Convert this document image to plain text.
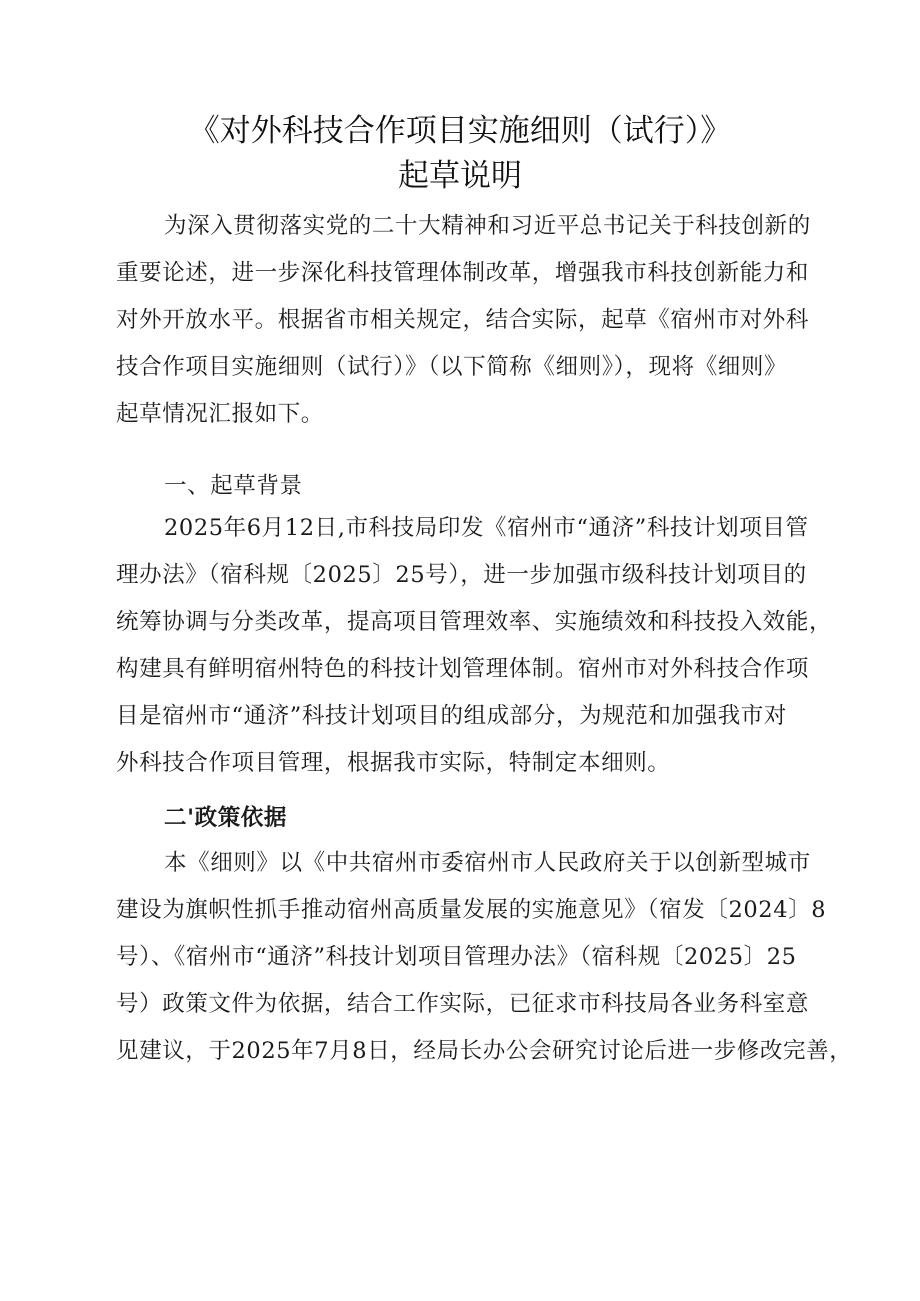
《对外科技合作项目实施细则（试行）》
起草说明
为深入贯彻落实党的二十大精神和习近平总书记关于科技创新的
重要论述，进一步深化科技管理体制改革，增强我市科技创新能力和
对外开放水平。根据省市相关规定，结合实际，起草《宿州市对外科
技合作项目实施细则（试行）》（以下简称《细则》），现将《细则》
起草情况汇报如下。
一、起草背景
2025年6月12日,市科技局印发《宿州市“通济”科技计划项目管
理办法》（宿科规〔2025〕25号），进一步加强市级科技计划项目的
统筹协调与分类改革，提高项目管理效率、实施绩效和科技投入效能，
构建具有鲜明宿州特色的科技计划管理体制。宿州市对外科技合作项
目是宿州市“通济”科技计划项目的组成部分，为规范和加强我市对
外科技合作项目管理，根据我市实际，特制定本细则。
二'政策依据
本《细则》以《中共宿州市委宿州市人民政府关于以创新型城市
建设为旗帜性抓手推动宿州高质量发展的实施意见》（宿发〔2024〕8
号）、《宿州市“通济”科技计划项目管理办法》（宿科规〔2025〕25
号）政策文件为依据，结合工作实际，已征求市科技局各业务科室意
见建议，于2025年7月8日，经局长办公会研究讨论后进一步修改完善，
